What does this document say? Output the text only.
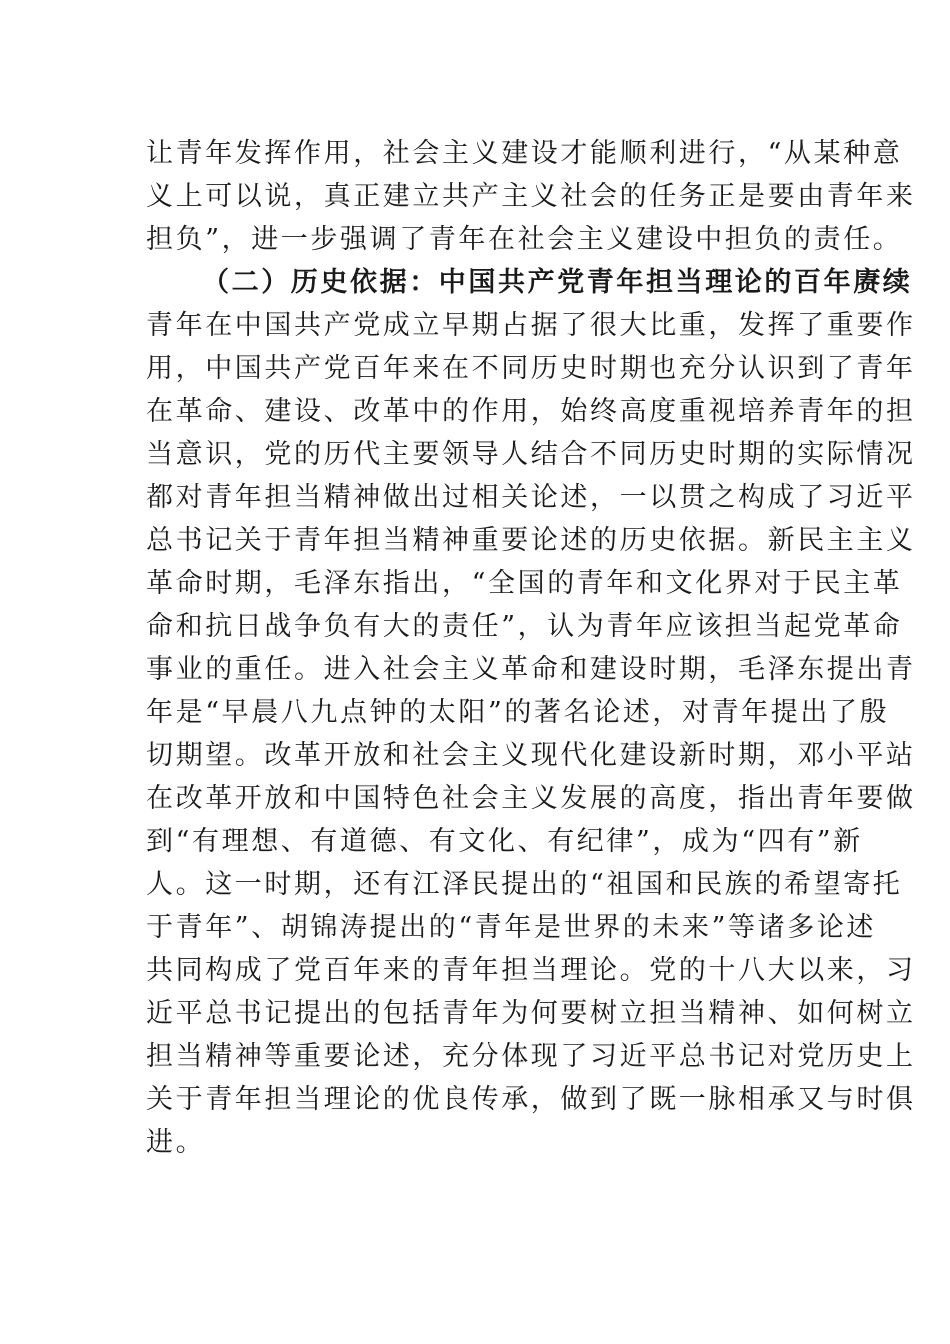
让青年发挥作用，社会主义建设才能顺利进行，“从某种意
义上可以说，真正建立共产主义社会的任务正是要由青年来
担负”，进一步强调了青年在社会主义建设中担负的责任。
（二）历史依据：中国共产党青年担当理论的百年赓续
青年在中国共产党成立早期占据了很大比重，发挥了重要作
用，中国共产党百年来在不同历史时期也充分认识到了青年
在革命、建设、改革中的作用，始终高度重视培养青年的担
当意识，党的历代主要领导人结合不同历史时期的实际情况
都对青年担当精神做出过相关论述，一以贯之构成了习近平
总书记关于青年担当精神重要论述的历史依据。新民主主义
革命时期，毛泽东指出，“全国的青年和文化界对于民主革
命和抗日战争负有大的责任”，认为青年应该担当起党革命
事业的重任。进入社会主义革命和建设时期，毛泽东提出青
年是“早晨八九点钟的太阳”的著名论述，对青年提出了殷
切期望。改革开放和社会主义现代化建设新时期，邓小平站
在改革开放和中国特色社会主义发展的高度，指出青年要做
到“有理想、有道德、有文化、有纪律”，成为“四有”新
人。这一时期，还有江泽民提出的“祖国和民族的希望寄托
于青年”、胡锦涛提出的“青年是世界的未来”等诸多论述
共同构成了党百年来的青年担当理论。党的十八大以来，习
近平总书记提出的包括青年为何要树立担当精神、如何树立
担当精神等重要论述，充分体现了习近平总书记对党历史上
关于青年担当理论的优良传承，做到了既一脉相承又与时俱
进。
